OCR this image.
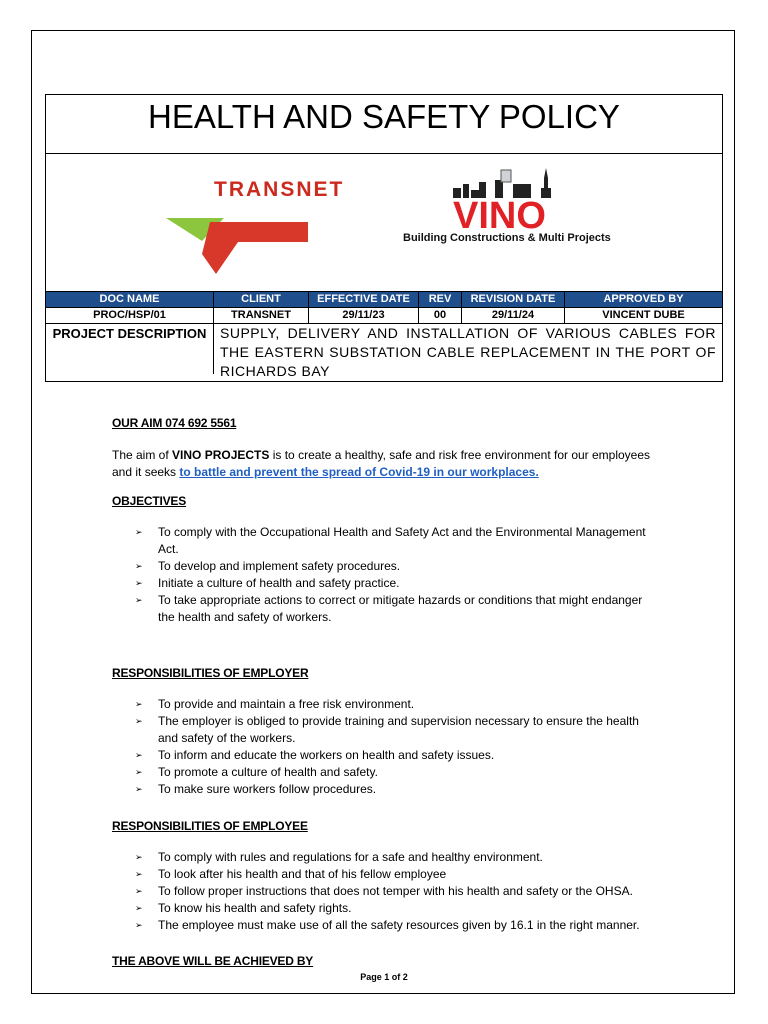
HEALTH AND SAFETY POLICY
TRANSNET
VINO
Building Constructions & Multi Projects
DOC NAME	CLIENT	EFFECTIVE DATE	REV	REVISION DATE	APPROVED BY
PROC/HSP/01	TRANSNET	29/11/23	00	29/11/24	VINCENT DUBE
PROJECT DESCRIPTION SUPPLY, DELIVERY AND INSTALLATION OF VARIOUS CABLES FOR THE EASTERN SUBSTATION CABLE REPLACEMENT IN THE PORT OF RICHARDS BAY

OUR AIM 074 692 5561

The aim of VINO PROJECTS is to create a healthy, safe and risk free environment for our employees and it seeks to battle and prevent the spread of Covid-19 in our workplaces.

OBJECTIVES

➢ To comply with the Occupational Health and Safety Act and the Environmental Management Act.
➢ To develop and implement safety procedures.
➢ Initiate a culture of health and safety practice.
➢ To take appropriate actions to correct or mitigate hazards or conditions that might endanger the health and safety of workers.

RESPONSIBILITIES OF EMPLOYER

➢ To provide and maintain a free risk environment.
➢ The employer is obliged to provide training and supervision necessary to ensure the health and safety of the workers.
➢ To inform and educate the workers on health and safety issues.
➢ To promote a culture of health and safety.
➢ To make sure workers follow procedures.

RESPONSIBILITIES OF EMPLOYEE

➢ To comply with rules and regulations for a safe and healthy environment.
➢ To look after his health and that of his fellow employee
➢ To follow proper instructions that does not temper with his health and safety or the OHSA.
➢ To know his health and safety rights.
➢ The employee must make use of all the safety resources given by 16.1 in the right manner.

THE ABOVE WILL BE ACHIEVED BY

Page 1 of 2
